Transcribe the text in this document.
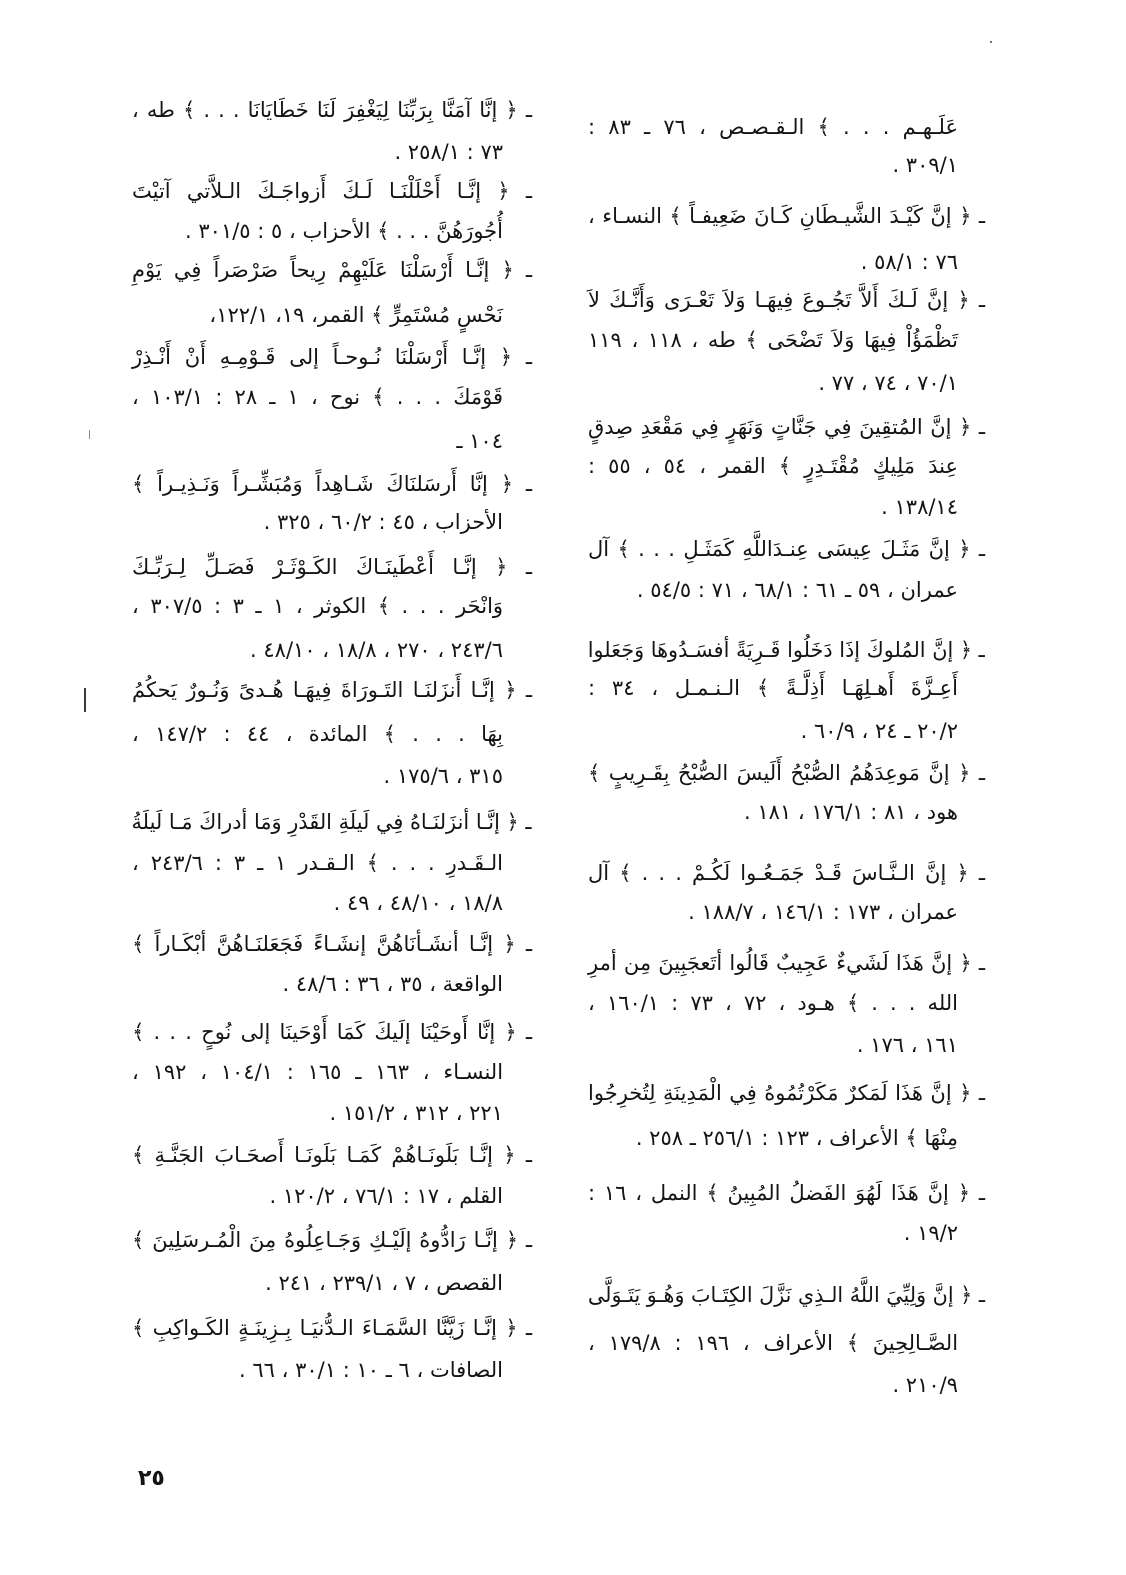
عَلَـهـم . . . ﴾ الـقـصـص ، ٧٦ ـ ٨٣ :
٣٠٩/١ .
ـ ﴿ إنَّ كَيْـدَ الشَّيـطَانِ كَـانَ ضَعِيفـاً ﴾ النسـاء ،
٧٦ : ٥٨/١ .
ـ ﴿ إنَّ لَـكَ أَلاَّ تَجُـوعَ فِيهَـا وَلاَ تَعْـرَى وَأَنَّـكَ لاَ
تَظْمَؤُاْ فِيهَا وَلاَ تَضْحَى ﴾ طه ، ١١٨ ، ١١٩
٧٠/١ ، ٧٤ ، ٧٧ .
ـ ﴿ إنَّ المُتقِينَ فِي جَنَّاتٍ وَنَهَرٍ فِي مَقْعَدِ صِدقٍ
عِندَ مَلِيكٍ مُقْتَـدِرٍ ﴾ القمر ، ٥٤ ، ٥٥ :
١٣٨/١٤ .
ـ ﴿ إنَّ مَثَـلَ عِيسَى عِنـدَاللَّهِ كَمَثَـلِ . . . ﴾ آل
عمران ، ٥٩ ـ ٦١ : ٦٨/١ ، ٧١ : ٥٤/٥ .
ـ ﴿ إنَّ المُلوكَ إذَا دَخَلُوا قَـرِيَةً أفسَـدُوهَا وَجَعَلوا
أَعِـزَّةَ أَهـلِهَـا أَذِلَّـةً ﴾ الـنـمـل ، ٣٤ :
٢٠/٢ ـ ٢٤ ، ٦٠/٩ .
ـ ﴿ إنَّ مَوعِدَهُمُ الصُّبْحُ أَلَيسَ الصُّبْحُ بِقَـرِيبٍ ﴾
هود ، ٨١ : ١٧٦/١ ، ١٨١ .
ـ ﴿ إنَّ الـنَّـاسَ قَـدْ جَمَـعُـوا لَكُـمْ . . . ﴾ آل
عمران ، ١٧٣ : ١٤٦/١ ، ١٨٨/٧ .
ـ ﴿ إنَّ هَذَا لَشَيءٌ عَجِيبٌ قَالُوا أتَعجَبِينَ مِن أمرِ
الله . . . ﴾ هـود ، ٧٢ ، ٧٣ : ١٦٠/١ ،
١٦١ ، ١٧٦ .
ـ ﴿ إنَّ هَذَا لَمَكرٌ مَكَرْتُمُوهُ فِي الْمَدِينَةِ لِتُخرِجُوا
مِنْهَا ﴾ الأعراف ، ١٢٣ : ٢٥٦/١ ـ ٢٥٨ .
ـ ﴿ إنَّ هَذَا لَهُوَ الفَضلُ المُبِينُ ﴾ النمل ، ١٦ :
١٩/٢ .
ـ ﴿ إنَّ وَلِيِّيَ اللَّهُ الـذِي نَزَّلَ الكِتَـابَ وَهُـوَ يَتَـوَلَّى
الصَّـالِحِينَ ﴾ الأعراف ، ١٩٦ : ١٧٩/٨ ،
٢١٠/٩ .
ـ ﴿ إنَّا آمَنَّا بِرَبِّنَا لِيَغْفِرَ لَنَا خَطَايَانَا . . . ﴾ طه ،
٧٣ : ٢٥٨/١ .
ـ ﴿ إنَّـا أَحْلَلْنَـا لَـكَ أَزواجَـكَ الـلاَّتي آتيْتَ
أُجُورَهُنَّ . . . ﴾ الأحزاب ، ٥ : ٣٠١/٥ .
ـ ﴿ إنَّـا أَرْسَلْنَا عَلَيْهِمْ رِيحاً صَرْصَراً فِي يَوْمِ
نَحْسٍ مُسْتَمِرٍّ ﴾ القمر، ١٩، ١٢٢/١،
ـ ﴿ إنَّـا أَرْسَلْنَا نُـوحـاً إلى قَـوْمِـهِ أَنْ أَنْـذِرْ
قَوْمَكَ . . . ﴾ نوح ، ١ ـ ٢٨ : ١٠٣/١ ،
١٠٤ ـ
ـ ﴿ إنَّا أَرسَلنَاكَ شَـاهِداً وَمُبَشِّـراً وَنَـذِيـراً ﴾
الأحزاب ، ٤٥ : ٦٠/٢ ، ٣٢٥ .
ـ ﴿ إنَّـا أَعْطَينَـاكَ الكَـوْثَـرْ فَصَـلِّ لِـرَبِّـكَ
وَانْحَر . . . ﴾ الكوثر ، ١ ـ ٣ : ٣٠٧/٥ ،
٢٤٣/٦ ، ٢٧٠ ، ١٨/٨ ، ٤٨/١٠ .
ـ ﴿ إنَّـا أَنزَلنَـا التَـورَاةَ فِيهَـا هُـدىً وَنُـورٌ يَحكُمُ
بِهَا . . . ﴾ المائدة ، ٤٤ : ١٤٧/٢ ،
٣١٥ ، ١٧٥/٦ .
ـ ﴿ إنَّـا أنزَلنَـاهُ فِي لَيلَةِ القَدْرِ وَمَا أدراكَ مَـا لَيلَةُ
الـقَـدرِ . . . ﴾ الـقـدر ١ ـ ٣ : ٢٤٣/٦ ،
١٨/٨ ، ٤٨/١٠ ، ٤٩ .
ـ ﴿ إنَّـا أنشَـأنَاهُنَّ إنشَـاءً فَجَعَلنَـاهُنَّ أبْكَـاراً ﴾
الواقعة ، ٣٥ ، ٣٦ : ٤٨/٦ .
ـ ﴿ إنَّا أَوحَيْنَا إلَيكَ كَمَا أَوْحَينَا إلى نُوحٍ . . . ﴾
النسـاء ، ١٦٣ ـ ١٦٥ : ١٠٤/١ ، ١٩٢ ،
٢٢١ ، ٣١٢ ، ١٥١/٢ .
ـ ﴿ إنَّـا بَلَونَـاهُمْ كَمَـا بَلَونَـا أَصحَـابَ الجَنَّـةِ ﴾
القلم ، ١٧ : ٧٦/١ ، ١٢٠/٢ .
ـ ﴿ إنَّـا رَادُّوهُ إلَيْـكِ وَجَـاعِلُوهُ مِنَ الْمُـرسَلِينَ ﴾
القصص ، ٧ ، ٢٣٩/١ ، ٢٤١ .
ـ ﴿ إنَّـا زَيَّنَّا السَّمَـاءَ الـدُّنيَـا بِـزِينَـةٍ الكَـواكِبِ ﴾
الصافات ، ٦ ـ ١٠ : ٣٠/١ ، ٦٦ .
٢٥
